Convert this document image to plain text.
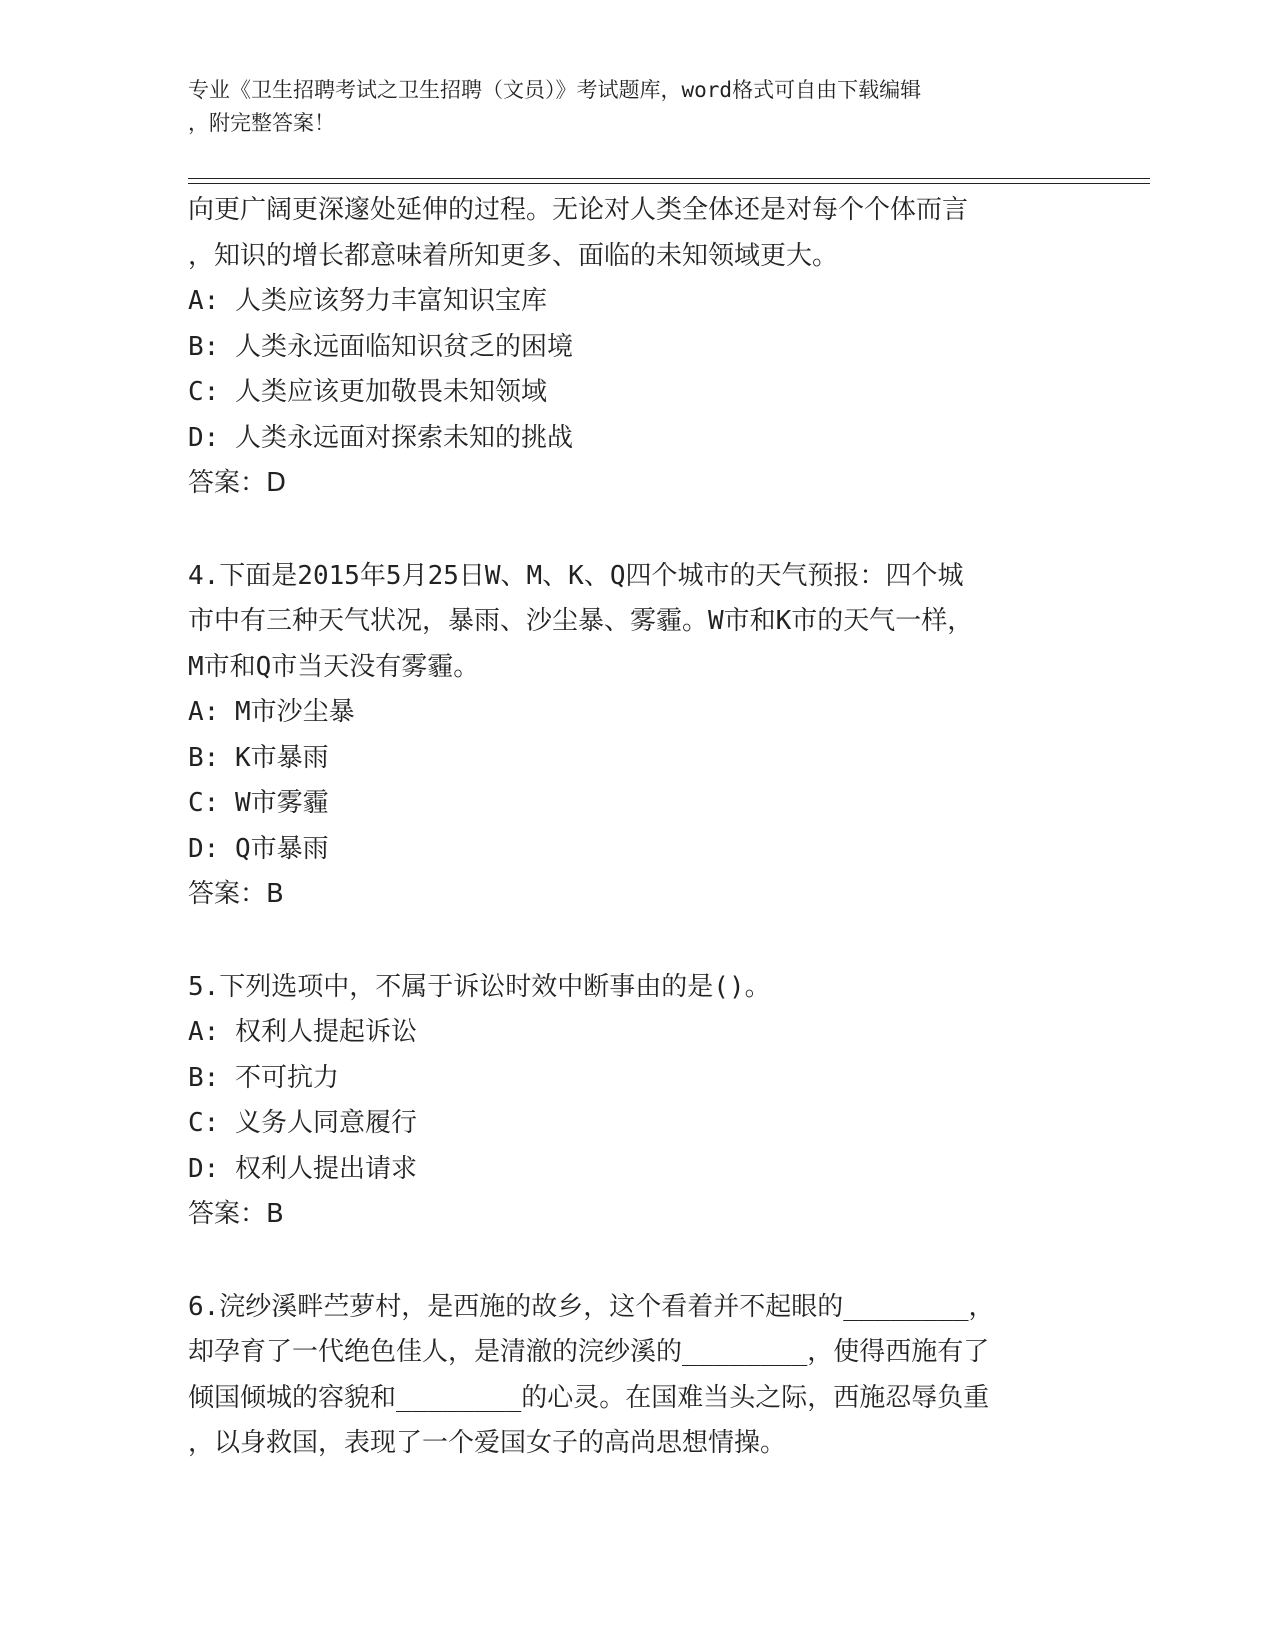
专业《卫生招聘考试之卫生招聘（文员）》考试题库，word格式可自由下载编辑
，附完整答案！

向更广阔更深邃处延伸的过程。无论对人类全体还是对每个个体而言

，知识的增长都意味着所知更多、面临的未知领域更大。

A: 人类应该努力丰富知识宝库

B: 人类永远面临知识贫乏的困境

C: 人类应该更加敬畏未知领域

D: 人类永远面对探索未知的挑战

答案：D

4.下面是2015年5月25日W、M、K、Q四个城市的天气预报：四个城

市中有三种天气状况，暴雨、沙尘暴、雾霾。W市和K市的天气一样，

M市和Q市当天没有雾霾。

A: M市沙尘暴

B: K市暴雨

C: W市雾霾

D: Q市暴雨

答案：B

5.下列选项中，不属于诉讼时效中断事由的是()。

A: 权利人提起诉讼

B: 不可抗力

C: 义务人同意履行

D: 权利人提出请求

答案：B

6.浣纱溪畔苎萝村，是西施的故乡，这个看着并不起眼的________，

却孕育了一代绝色佳人，是清澈的浣纱溪的________，使得西施有了

倾国倾城的容貌和________的心灵。在国难当头之际，西施忍辱负重

，以身救国，表现了一个爱国女子的高尚思想情操。
